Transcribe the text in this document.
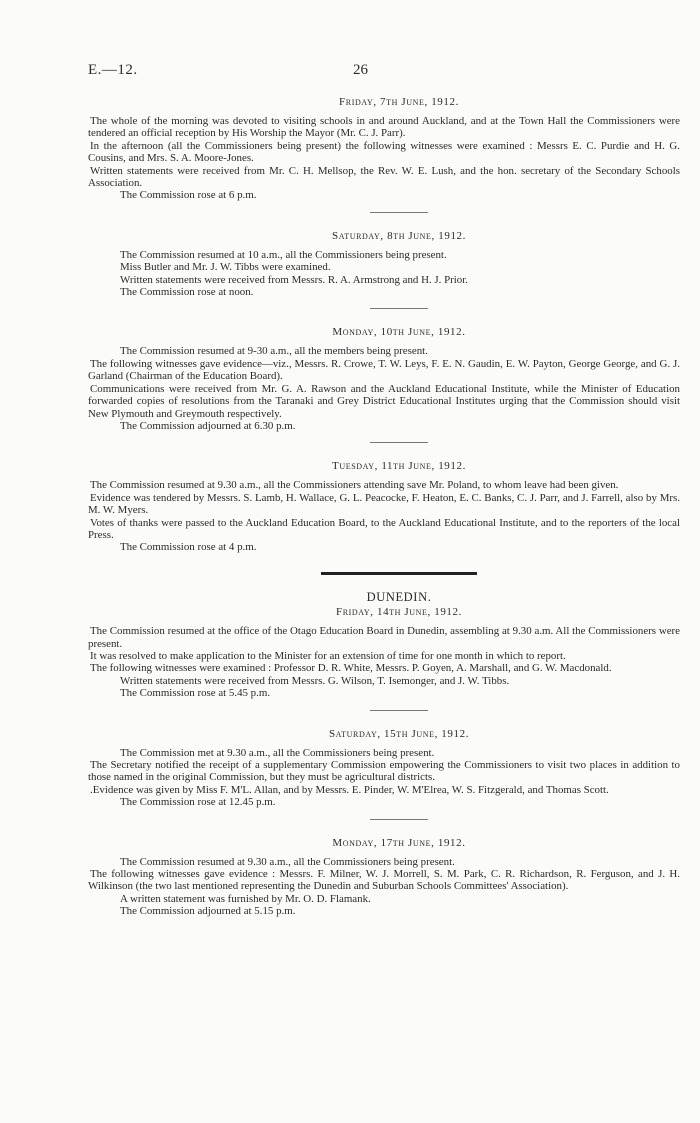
E.—12.	26
Friday, 7th June, 1912.

The whole of the morning was devoted to visiting schools in and around Auckland, and at the Town Hall the Commissioners were tendered an official reception by His Worship the Mayor (Mr. C. J. Parr).

In the afternoon (all the Commissioners being present) the following witnesses were examined : Messrs E. C. Purdie and H. G. Cousins, and Mrs. S. A. Moore-Jones.

Written statements were received from Mr. C. H. Mellsop, the Rev. W. E. Lush, and the hon. secretary of the Secondary Schools Association.

The Commission rose at 6 p.m.

Saturday, 8th June, 1912.

The Commission resumed at 10 a.m., all the Commissioners being present.

Miss Butler and Mr. J. W. Tibbs were examined.

Written statements were received from Messrs. R. A. Armstrong and H. J. Prior.

The Commission rose at noon.

Monday, 10th June, 1912.

The Commission resumed at 9-30 a.m., all the members being present.

The following witnesses gave evidence—viz., Messrs. R. Crowe, T. W. Leys, F. E. N. Gaudin, E. W. Payton, George George, and G. J. Garland (Chairman of the Education Board).

Communications were received from Mr. G. A. Rawson and the Auckland Educational Institute, while the Minister of Education forwarded copies of resolutions from the Taranaki and Grey District Educational Institutes urging that the Commission should visit New Plymouth and Greymouth respectively.

The Commission adjourned at 6.30 p.m.

Tuesday, 11th June, 1912.

The Commission resumed at 9.30 a.m., all the Commissioners attending save Mr. Poland, to whom leave had been given.

Evidence was tendered by Messrs. S. Lamb, H. Wallace, G. L. Peacocke, F. Heaton, E. C. Banks, C. J. Parr, and J. Farrell, also by Mrs. M. W. Myers.

Votes of thanks were passed to the Auckland Education Board, to the Auckland Educational Institute, and to the reporters of the local Press.

The Commission rose at 4 p.m.

DUNEDIN.
Friday, 14th June, 1912.

The Commission resumed at the office of the Otago Education Board in Dunedin, assembling at 9.30 a.m. All the Commissioners were present.

It was resolved to make application to the Minister for an extension of time for one month in which to report.

The following witnesses were examined : Professor D. R. White, Messrs. P. Goyen, A. Marshall, and G. W. Macdonald.

Written statements were received from Messrs. G. Wilson, T. Isemonger, and J. W. Tibbs.

The Commission rose at 5.45 p.m.

Saturday, 15th June, 1912.

The Commission met at 9.30 a.m., all the Commissioners being present.

The Secretary notified the receipt of a supplementary Commission empowering the Commissioners to visit two places in addition to those named in the original Commission, but they must be agricultural districts.

.Evidence was given by Miss F. M'L. Allan, and by Messrs. E. Pinder, W. M'Elrea, W. S. Fitzgerald, and Thomas Scott.

The Commission rose at 12.45 p.m.

Monday, 17th June, 1912.

The Commission resumed at 9.30 a.m., all the Commissioners being present.

The following witnesses gave evidence : Messrs. F. Milner, W. J. Morrell, S. M. Park, C. R. Richardson, R. Ferguson, and J. H. Wilkinson (the two last mentioned representing the Dunedin and Suburban Schools Committees' Association).

A written statement was furnished by Mr. O. D. Flamank.

The Commission adjourned at 5.15 p.m.
